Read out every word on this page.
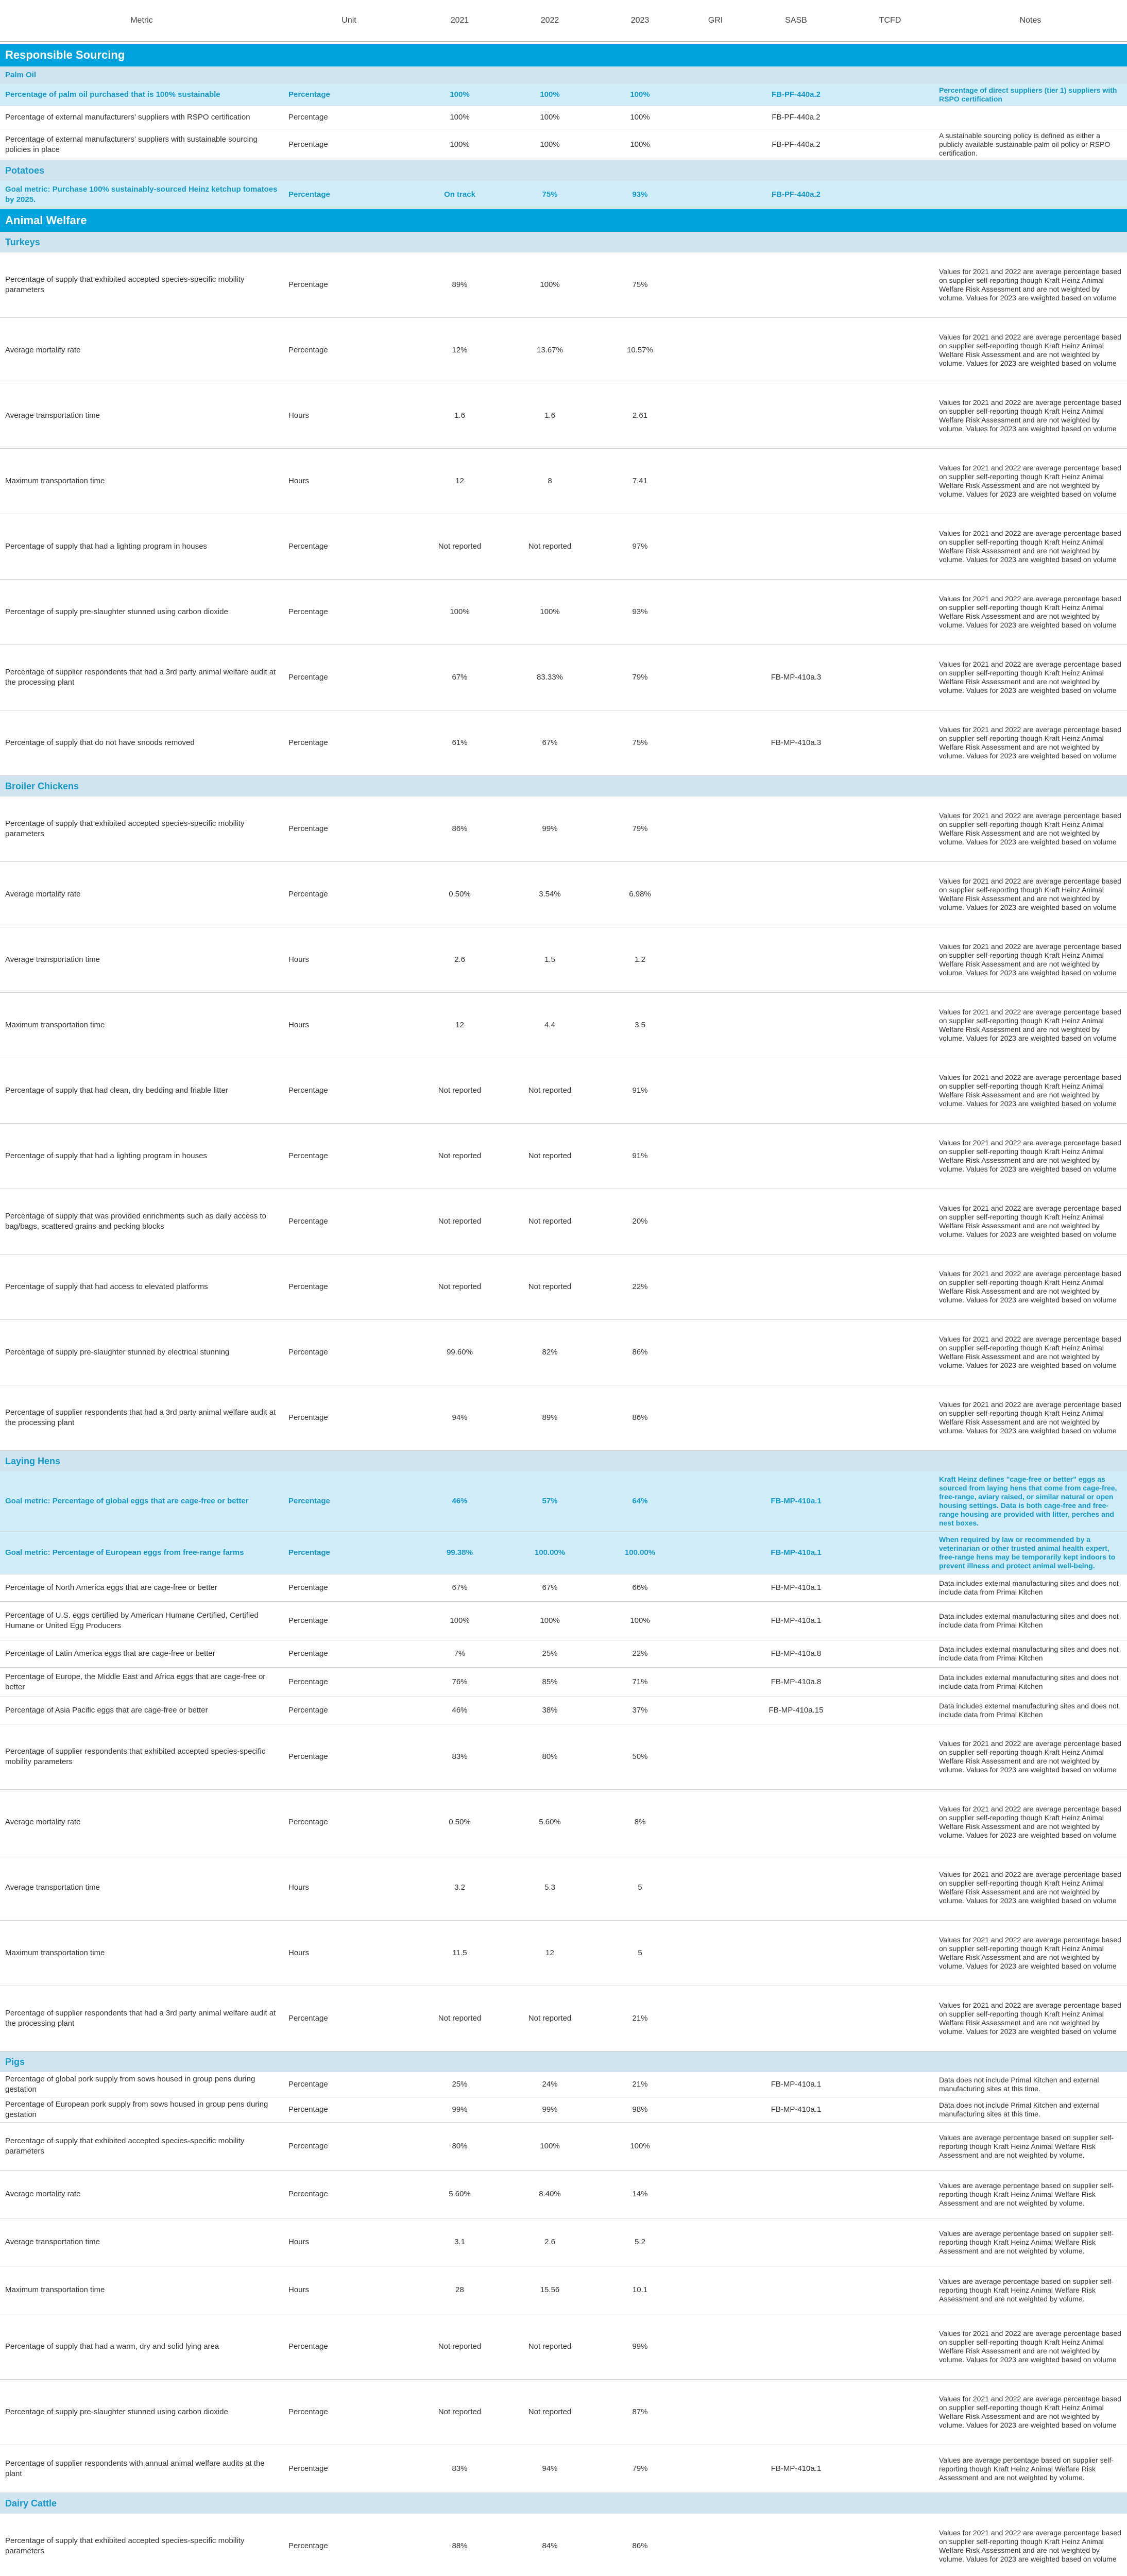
Metric	Unit	2021	2022	2023	GRI	SASB	TCFD	Notes

Responsible Sourcing								
Palm Oil								
Percentage of palm oil purchased that is 100% sustainable	Percentage	100%	100%	100%		FB-PF-440a.2		Percentage of direct suppliers (tier 1) suppliers with RSPO certification
Percentage of external manufacturers' suppliers with RSPO certification	Percentage	100%	100%	100%		FB-PF-440a.2		
Percentage of external manufacturers' suppliers with sustainable sourcing policies in place	Percentage	100%	100%	100%		FB-PF-440a.2		A sustainable sourcing policy is defined as either a publicly available sustainable palm oil policy or RSPO certification.
Potatoes								
Goal metric: Purchase 100% sustainably-sourced Heinz ketchup tomatoes by 2025.	Percentage	On track	75%	93%		FB-PF-440a.2		
Animal Welfare								
Turkeys								
Percentage of supply that exhibited accepted species-specific mobility parameters	Percentage	89%	100%	75%				Values for 2021 and 2022 are average percentage based on supplier self-reporting though Kraft Heinz Animal Welfare Risk Assessment and are not weighted by volume. Values for 2023 are weighted based on volume
Average mortality rate	Percentage	12%	13.67%	10.57%				Values for 2021 and 2022 are average percentage based on supplier self-reporting though Kraft Heinz Animal Welfare Risk Assessment and are not weighted by volume. Values for 2023 are weighted based on volume
Average transportation time	Hours	1.6	1.6	2.61				Values for 2021 and 2022 are average percentage based on supplier self-reporting though Kraft Heinz Animal Welfare Risk Assessment and are not weighted by volume. Values for 2023 are weighted based on volume
Maximum transportation time	Hours	12	8	7.41				Values for 2021 and 2022 are average percentage based on supplier self-reporting though Kraft Heinz Animal Welfare Risk Assessment and are not weighted by volume. Values for 2023 are weighted based on volume
Percentage of supply that had a lighting program in houses	Percentage	Not reported	Not reported	97%				Values for 2021 and 2022 are average percentage based on supplier self-reporting though Kraft Heinz Animal Welfare Risk Assessment and are not weighted by volume. Values for 2023 are weighted based on volume
Percentage of supply pre-slaughter stunned using carbon dioxide	Percentage	100%	100%	93%				Values for 2021 and 2022 are average percentage based on supplier self-reporting though Kraft Heinz Animal Welfare Risk Assessment and are not weighted by volume. Values for 2023 are weighted based on volume
Percentage of supplier respondents that had a 3rd party animal welfare audit at the processing plant	Percentage	67%	83.33%	79%		FB-MP-410a.3		Values for 2021 and 2022 are average percentage based on supplier self-reporting though Kraft Heinz Animal Welfare Risk Assessment and are not weighted by volume. Values for 2023 are weighted based on volume
Percentage of supply that do not have snoods removed	Percentage	61%	67%	75%		FB-MP-410a.3		Values for 2021 and 2022 are average percentage based on supplier self-reporting though Kraft Heinz Animal Welfare Risk Assessment and are not weighted by volume. Values for 2023 are weighted based on volume
Broiler Chickens								
Percentage of supply that exhibited accepted species-specific mobility parameters	Percentage	86%	99%	79%				Values for 2021 and 2022 are average percentage based on supplier self-reporting though Kraft Heinz Animal Welfare Risk Assessment and are not weighted by volume. Values for 2023 are weighted based on volume
Average mortality rate	Percentage	0.50%	3.54%	6.98%				Values for 2021 and 2022 are average percentage based on supplier self-reporting though Kraft Heinz Animal Welfare Risk Assessment and are not weighted by volume. Values for 2023 are weighted based on volume
Average transportation time	Hours	2.6	1.5	1.2				Values for 2021 and 2022 are average percentage based on supplier self-reporting though Kraft Heinz Animal Welfare Risk Assessment and are not weighted by volume. Values for 2023 are weighted based on volume
Maximum transportation time	Hours	12	4.4	3.5				Values for 2021 and 2022 are average percentage based on supplier self-reporting though Kraft Heinz Animal Welfare Risk Assessment and are not weighted by volume. Values for 2023 are weighted based on volume
Percentage of supply that had clean, dry bedding and friable litter	Percentage	Not reported	Not reported	91%				Values for 2021 and 2022 are average percentage based on supplier self-reporting though Kraft Heinz Animal Welfare Risk Assessment and are not weighted by volume. Values for 2023 are weighted based on volume
Percentage of supply that had a lighting program in houses	Percentage	Not reported	Not reported	91%				Values for 2021 and 2022 are average percentage based on supplier self-reporting though Kraft Heinz Animal Welfare Risk Assessment and are not weighted by volume. Values for 2023 are weighted based on volume
Percentage of supply that was provided enrichments such as daily access to bag/bags, scattered grains and pecking blocks	Percentage	Not reported	Not reported	20%				Values for 2021 and 2022 are average percentage based on supplier self-reporting though Kraft Heinz Animal Welfare Risk Assessment and are not weighted by volume. Values for 2023 are weighted based on volume
Percentage of supply that had access to elevated platforms	Percentage	Not reported	Not reported	22%				Values for 2021 and 2022 are average percentage based on supplier self-reporting though Kraft Heinz Animal Welfare Risk Assessment and are not weighted by volume. Values for 2023 are weighted based on volume
Percentage of supply pre-slaughter stunned by electrical stunning	Percentage	99.60%	82%	86%				Values for 2021 and 2022 are average percentage based on supplier self-reporting though Kraft Heinz Animal Welfare Risk Assessment and are not weighted by volume. Values for 2023 are weighted based on volume
Percentage of supplier respondents that had a 3rd party animal welfare audit at the processing plant	Percentage	94%	89%	86%				Values for 2021 and 2022 are average percentage based on supplier self-reporting though Kraft Heinz Animal Welfare Risk Assessment and are not weighted by volume. Values for 2023 are weighted based on volume
Laying Hens								
Goal metric: Percentage of global eggs that are cage-free or better	Percentage	46%	57%	64%		FB-MP-410a.1		Kraft Heinz defines "cage-free or better" eggs as sourced from laying hens that come from cage-free, free-range, aviary raised, or similar natural or open housing settings. Data is both cage-free and free-range housing are provided with litter, perches and nest boxes.
Goal metric: Percentage of European eggs from free-range farms	Percentage	99.38%	100.00%	100.00%		FB-MP-410a.1		When required by law or recommended by a veterinarian or other trusted animal health expert, free-range hens may be temporarily kept indoors to prevent illness and protect animal well-being.
Percentage of North America eggs that are cage-free or better	Percentage	67%	67%	66%		FB-MP-410a.1		Data includes external manufacturing sites and does not include data from Primal Kitchen
Percentage of U.S. eggs certified by American Humane Certified, Certified Humane or United Egg Producers	Percentage	100%	100%	100%		FB-MP-410a.1		Data includes external manufacturing sites and does not include data from Primal Kitchen
Percentage of Latin America eggs that are cage-free or better	Percentage	7%	25%	22%		FB-MP-410a.8		Data includes external manufacturing sites and does not include data from Primal Kitchen
Percentage of Europe, the Middle East and Africa eggs that are cage-free or better	Percentage	76%	85%	71%		FB-MP-410a.8		Data includes external manufacturing sites and does not include data from Primal Kitchen
Percentage of Asia Pacific eggs that are cage-free or better	Percentage	46%	38%	37%		FB-MP-410a.15		Data includes external manufacturing sites and does not include data from Primal Kitchen
Percentage of supplier respondents that exhibited accepted species-specific mobility parameters	Percentage	83%	80%	50%				Values for 2021 and 2022 are average percentage based on supplier self-reporting though Kraft Heinz Animal Welfare Risk Assessment and are not weighted by volume. Values for 2023 are weighted based on volume
Average mortality rate	Percentage	0.50%	5.60%	8%				Values for 2021 and 2022 are average percentage based on supplier self-reporting though Kraft Heinz Animal Welfare Risk Assessment and are not weighted by volume. Values for 2023 are weighted based on volume
Average transportation time	Hours	3.2	5.3	5				Values for 2021 and 2022 are average percentage based on supplier self-reporting though Kraft Heinz Animal Welfare Risk Assessment and are not weighted by volume. Values for 2023 are weighted based on volume
Maximum transportation time	Hours	11.5	12	5				Values for 2021 and 2022 are average percentage based on supplier self-reporting though Kraft Heinz Animal Welfare Risk Assessment and are not weighted by volume. Values for 2023 are weighted based on volume
Percentage of supplier respondents that had a 3rd party animal welfare audit at the processing plant	Percentage	Not reported	Not reported	21%				Values for 2021 and 2022 are average percentage based on supplier self-reporting though Kraft Heinz Animal Welfare Risk Assessment and are not weighted by volume. Values for 2023 are weighted based on volume
Pigs								
Percentage of global pork supply from sows housed in group pens during gestation	Percentage	25%	24%	21%		FB-MP-410a.1		Data does not include Primal Kitchen and external manufacturing sites at this time.
Percentage of European pork supply from sows housed in group pens during gestation	Percentage	99%	99%	98%		FB-MP-410a.1		Data does not include Primal Kitchen and external manufacturing sites at this time.
Percentage of supply that exhibited accepted species-specific mobility parameters	Percentage	80%	100%	100%				Values are average percentage based on supplier self-reporting though Kraft Heinz Animal Welfare Risk Assessment and are not weighted by volume.
Average mortality rate	Percentage	5.60%	8.40%	14%				Values are average percentage based on supplier self-reporting though Kraft Heinz Animal Welfare Risk Assessment and are not weighted by volume.
Average transportation time	Hours	3.1	2.6	5.2				Values are average percentage based on supplier self-reporting though Kraft Heinz Animal Welfare Risk Assessment and are not weighted by volume.
Maximum transportation time	Hours	28	15.56	10.1				Values are average percentage based on supplier self-reporting though Kraft Heinz Animal Welfare Risk Assessment and are not weighted by volume.
Percentage of supply that had a warm, dry and solid lying area	Percentage	Not reported	Not reported	99%				Values for 2021 and 2022 are average percentage based on supplier self-reporting though Kraft Heinz Animal Welfare Risk Assessment and are not weighted by volume. Values for 2023 are weighted based on volume
Percentage of supply pre-slaughter stunned using carbon dioxide	Percentage	Not reported	Not reported	87%				Values for 2021 and 2022 are average percentage based on supplier self-reporting though Kraft Heinz Animal Welfare Risk Assessment and are not weighted by volume. Values for 2023 are weighted based on volume
Percentage of supplier respondents with annual animal welfare audits at the plant	Percentage	83%	94%	79%		FB-MP-410a.1		Values are average percentage based on supplier self-reporting though Kraft Heinz Animal Welfare Risk Assessment and are not weighted by volume.
Dairy Cattle								
Percentage of supply that exhibited accepted species-specific mobility parameters	Percentage	88%	84%	86%				Values for 2021 and 2022 are average percentage based on supplier self-reporting though Kraft Heinz Animal Welfare Risk Assessment and are not weighted by volume. Values for 2023 are weighted based on volume
